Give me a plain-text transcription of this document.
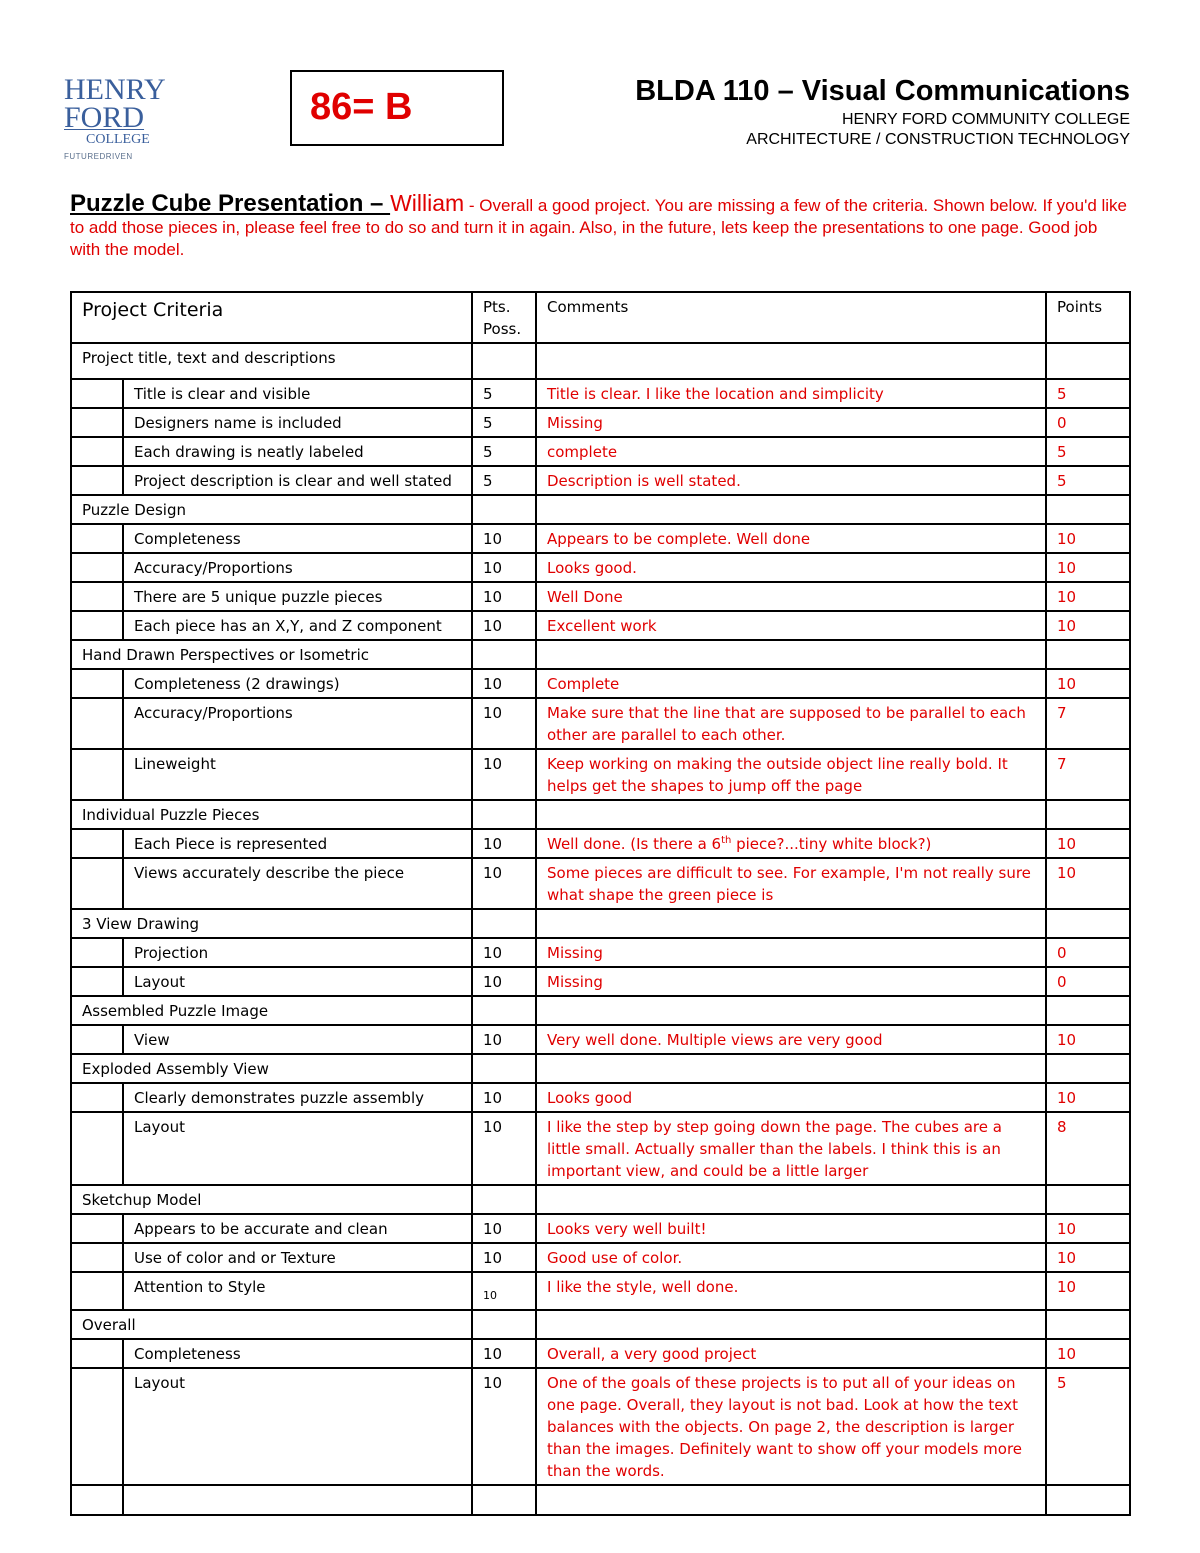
HENRY
FORD
COLLEGE
FUTUREDRIVEN
86= B	BLDA 110 – Visual Communications
HENRY FORD COMMUNITY COLLEGE
ARCHITECTURE / CONSTRUCTION TECHNOLOGY
Puzzle Cube Presentation – William - Overall a good project. You are missing a few of the criteria. Shown below. If you'd like to add those pieces in, please feel free to do so and turn it in again. Also, in the future, lets keep the presentations to one page. Good job with the model.
Project Criteria		Pts. Poss.	Comments	Points
Project title, text and descriptions				
	Title is clear and visible	5	Title is clear. I like the location and simplicity	5
	Designers name is included	5	Missing	0
	Each drawing is neatly labeled	5	complete	5
	Project description is clear and well stated	5	Description is well stated.	5
Puzzle Design				
	Completeness	10	Appears to be complete. Well done	10
	Accuracy/Proportions	10	Looks good.	10
	There are 5 unique puzzle pieces	10	Well Done	10
	Each piece has an X,Y, and Z component	10	Excellent work	10
Hand Drawn Perspectives or Isometric				
	Completeness (2 drawings)	10	Complete	10
	Accuracy/Proportions	10	Make sure that the line that are supposed to be parallel to each other are parallel to each other.	7
	Lineweight	10	Keep working on making the outside object line really bold. It helps get the shapes to jump off the page	7
Individual Puzzle Pieces				
	Each Piece is represented	10	Well done. (Is there a 6th piece?...tiny white block?)	10
	Views accurately describe the piece	10	Some pieces are difficult to see. For example, I'm not really sure what shape the green piece is	10
3 View Drawing				
	Projection	10	Missing	0
	Layout	10	Missing	0
Assembled Puzzle Image				
	View	10	Very well done. Multiple views are very good	10
Exploded Assembly View				
	Clearly demonstrates puzzle assembly	10	Looks good	10
	Layout	10	I like the step by step going down the page. The cubes are a little small. Actually smaller than the labels. I think this is an important view, and could be a little larger	8
Sketchup Model				
	Appears to be accurate and clean	10	Looks very well built!	10
	Use of color and or Texture	10	Good use of color.	10
	Attention to Style	10	I like the style, well done.	10
Overall				
	Completeness	10	Overall, a very good project	10
	Layout	10	One of the goals of these projects is to put all of your ideas on one page. Overall, they layout is not bad. Look at how the text balances with the objects. On page 2, the description is larger than the images. Definitely want to show off your models more than the words.	5
